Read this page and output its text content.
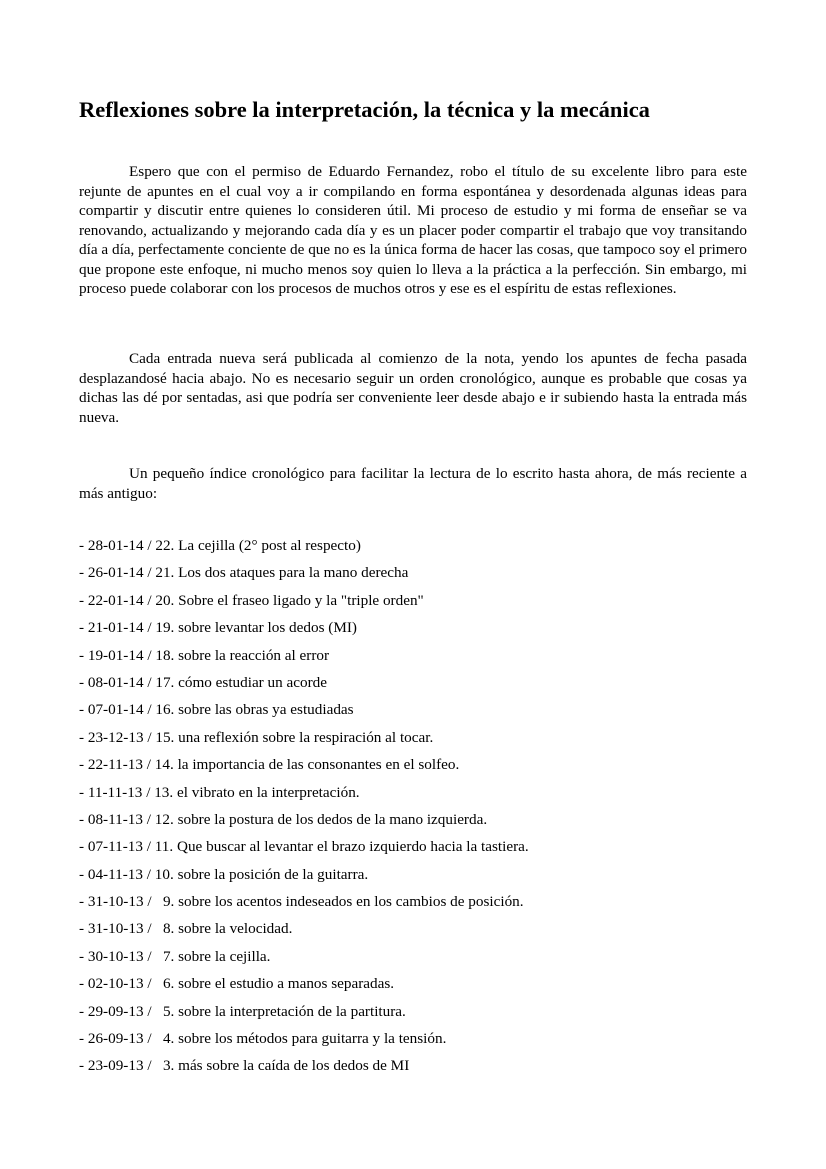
Reflexiones sobre la interpretación, la técnica y la mecánica

Espero que con el permiso de Eduardo Fernandez, robo el título de su excelente libro para este rejunte de apuntes en el cual voy a ir compilando en forma espontánea y desordenada algunas ideas para compartir y discutir entre quienes lo consideren útil. Mi proceso de estudio y mi forma de enseñar se va renovando, actualizando y mejorando cada día y es un placer poder compartir el trabajo que voy transitando día a día, perfectamente conciente de que no es la única forma de hacer las cosas, que tampoco soy el primero que propone este enfoque, ni mucho menos soy quien lo lleva a la práctica a la perfección. Sin embargo, mi proceso puede colaborar con los procesos de muchos otros y ese es el espíritu de estas reflexiones.

Cada entrada nueva será publicada al comienzo de la nota, yendo los apuntes de fecha pasada desplazandosé hacia abajo. No es necesario seguir un orden cronológico, aunque es probable que cosas ya dichas las dé por sentadas, asi que podría ser conveniente leer desde abajo e ir subiendo hasta la entrada más nueva.

Un pequeño índice cronológico para facilitar la lectura de lo escrito hasta ahora, de más reciente a más antiguo:

- 28-01-14 / 22. La cejilla (2° post al respecto)
- 26-01-14 / 21. Los dos ataques para la mano derecha
- 22-01-14 / 20. Sobre el fraseo ligado y la "triple orden"
- 21-01-14 / 19. sobre levantar los dedos (MI)
- 19-01-14 / 18. sobre la reacción al error
- 08-01-14 / 17. cómo estudiar un acorde
- 07-01-14 / 16. sobre las obras ya estudiadas
- 23-12-13 / 15. una reflexión sobre la respiración al tocar.
- 22-11-13 / 14. la importancia de las consonantes en el solfeo.
- 11-11-13 / 13. el vibrato en la interpretación.
- 08-11-13 / 12. sobre la postura de los dedos de la mano izquierda.
- 07-11-13 / 11. Que buscar al levantar el brazo izquierdo hacia la tastiera.
- 04-11-13 / 10. sobre la posición de la guitarra.
- 31-10-13 /   9. sobre los acentos indeseados en los cambios de posición.
- 31-10-13 /   8. sobre la velocidad.
- 30-10-13 /   7. sobre la cejilla.
- 02-10-13 /   6. sobre el estudio a manos separadas.
- 29-09-13 /   5. sobre la interpretación de la partitura.
- 26-09-13 /   4. sobre los métodos para guitarra y la tensión.
- 23-09-13 /   3. más sobre la caída de los dedos de MI
